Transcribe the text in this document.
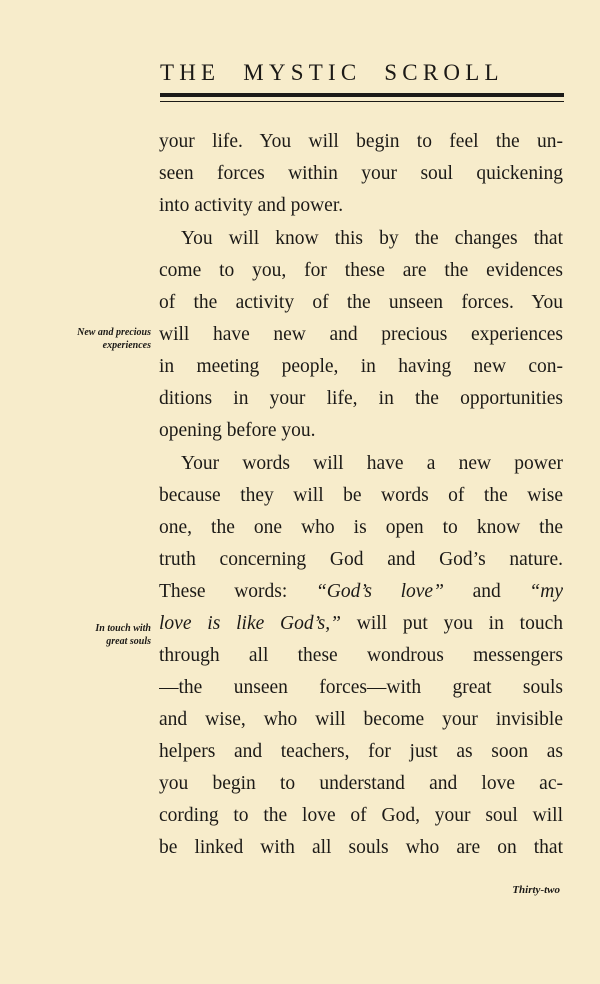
THE MYSTIC SCROLL
your life. You will begin to feel the un-
seen forces within your soul quickening
into activity and power.
You will know this by the changes that
come to you, for these are the evidences
of the activity of the unseen forces. You
will have new and precious experiences
in meeting people, in having new con-
ditions in your life, in the opportunities
opening before you.
Your words will have a new power
because they will be words of the wise
one, the one who is open to know the
truth concerning God and God’s nature.
These words: “God’s love” and “my
love is like God’s,” will put you in touch
through all these wondrous messengers
—the unseen forces—with great souls
and wise, who will become your invisible
helpers and teachers, for just as soon as
you begin to understand and love ac-
cording to the love of God, your soul will
be linked with all souls who are on that
New and precious
experiences
In touch with
great souls
Thirty-two
